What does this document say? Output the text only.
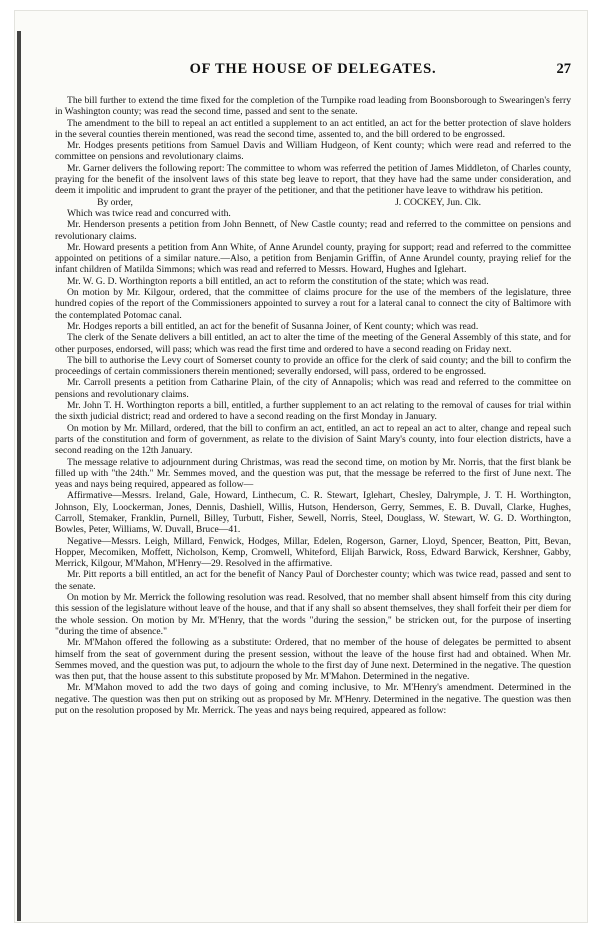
OF THE HOUSE OF DELEGATES.	27

The bill further to extend the time fixed for the completion of the Turnpike road leading from Boonsborough to Swearingen's ferry in Washington county; was read the second time, passed and sent to the senate.

The amendment to the bill to repeal an act entitled a supplement to an act entitled, an act for the better protection of slave holders in the several counties therein mentioned, was read the second time, assented to, and the bill ordered to be engrossed.

Mr. Hodges presents petitions from Samuel Davis and William Hudgeon, of Kent county; which were read and referred to the committee on pensions and revolutionary claims.

Mr. Garner delivers the following report: The committee to whom was referred the petition of James Middleton, of Charles county, praying for the benefit of the insolvent laws of this state beg leave to report, that they have had the same under consideration, and deem it impolitic and imprudent to grant the prayer of the petitioner, and that the petitioner have leave to withdraw his petition.

By order,	J. COCKEY, Jun. Clk.

Which was twice read and concurred with.

Mr. Henderson presents a petition from John Bennett, of New Castle county; read and referred to the committee on pensions and revolutionary claims.

Mr. Howard presents a petition from Ann White, of Anne Arundel county, praying for support; read and referred to the committee appointed on petitions of a similar nature.—Also, a petition from Benjamin Griffin, of Anne Arundel county, praying relief for the infant children of Matilda Simmons; which was read and referred to Messrs. Howard, Hughes and Iglehart.

Mr. W. G. D. Worthington reports a bill entitled, an act to reform the constitution of the state; which was read.

On motion by Mr. Kilgour, ordered, that the committee of claims procure for the use of the members of the legislature, three hundred copies of the report of the Commissioners appointed to survey a rout for a lateral canal to connect the city of Baltimore with the contemplated Potomac canal.

Mr. Hodges reports a bill entitled, an act for the benefit of Susanna Joiner, of Kent county; which was read.

The clerk of the Senate delivers a bill entitled, an act to alter the time of the meeting of the General Assembly of this state, and for other purposes, endorsed, will pass; which was read the first time and ordered to have a second reading on Friday next.

The bill to authorise the Levy court of Somerset county to provide an office for the clerk of said county; and the bill to confirm the proceedings of certain commissioners therein mentioned; severally endorsed, will pass, ordered to be engrossed.

Mr. Carroll presents a petition from Catharine Plain, of the city of Annapolis; which was read and referred to the committee on pensions and revolutionary claims.

Mr. John T. H. Worthington reports a bill, entitled, a further supplement to an act relating to the removal of causes for trial within the sixth judicial district; read and ordered to have a second reading on the first Monday in January.

On motion by Mr. Millard, ordered, that the bill to confirm an act, entitled, an act to repeal an act to alter, change and repeal such parts of the constitution and form of government, as relate to the division of Saint Mary's county, into four election districts, have a second reading on the 12th January.

The message relative to adjournment during Christmas, was read the second time, on motion by Mr. Norris, that the first blank be filled up with "the 24th." Mr. Semmes moved, and the question was put, that the message be referred to the first of June next. The yeas and nays being required, appeared as follow—

Affirmative—Messrs. Ireland, Gale, Howard, Linthecum, C. R. Stewart, Iglehart, Chesley, Dalrymple, J. T. H. Worthington, Johnson, Ely, Loockerman, Jones, Dennis, Dashiell, Willis, Hutson, Henderson, Gerry, Semmes, E. B. Duvall, Clarke, Hughes, Carroll, Stemaker, Franklin, Purnell, Billey, Turbutt, Fisher, Sewell, Norris, Steel, Douglass, W. Stewart, W. G. D. Worthington, Bowles, Peter, Williams, W. Duvall, Bruce—41.

Negative—Messrs. Leigh, Millard, Fenwick, Hodges, Millar, Edelen, Rogerson, Garner, Lloyd, Spencer, Beatton, Pitt, Bevan, Hopper, Mecomiken, Moffett, Nicholson, Kemp, Cromwell, Whiteford, Elijah Barwick, Ross, Edward Barwick, Kershner, Gabby, Merrick, Kilgour, M'Mahon, M'Henry—29. Resolved in the affirmative.

Mr. Pitt reports a bill entitled, an act for the benefit of Nancy Paul of Dorchester county; which was twice read, passed and sent to the senate.

On motion by Mr. Merrick the following resolution was read. Resolved, that no member shall absent himself from this city during this session of the legislature without leave of the house, and that if any shall so absent themselves, they shall forfeit their per diem for the whole session. On motion by Mr. M'Henry, that the words "during the session," be stricken out, for the purpose of inserting "during the time of absence."

Mr. M'Mahon offered the following as a substitute: Ordered, that no member of the house of delegates be permitted to absent himself from the seat of government during the present session, without the leave of the house first had and obtained. When Mr. Semmes moved, and the question was put, to adjourn the whole to the first day of June next. Determined in the negative. The question was then put, that the house assent to this substitute proposed by Mr. M'Mahon. Determined in the negative.

Mr. M'Mahon moved to add the two days of going and coming inclusive, to Mr. M'Henry's amendment. Determined in the negative. The question was then put on striking out as proposed by Mr. M'Henry. Determined in the negative. The question was then put on the resolution proposed by Mr. Merrick. The yeas and nays being required, appeared as follow:
